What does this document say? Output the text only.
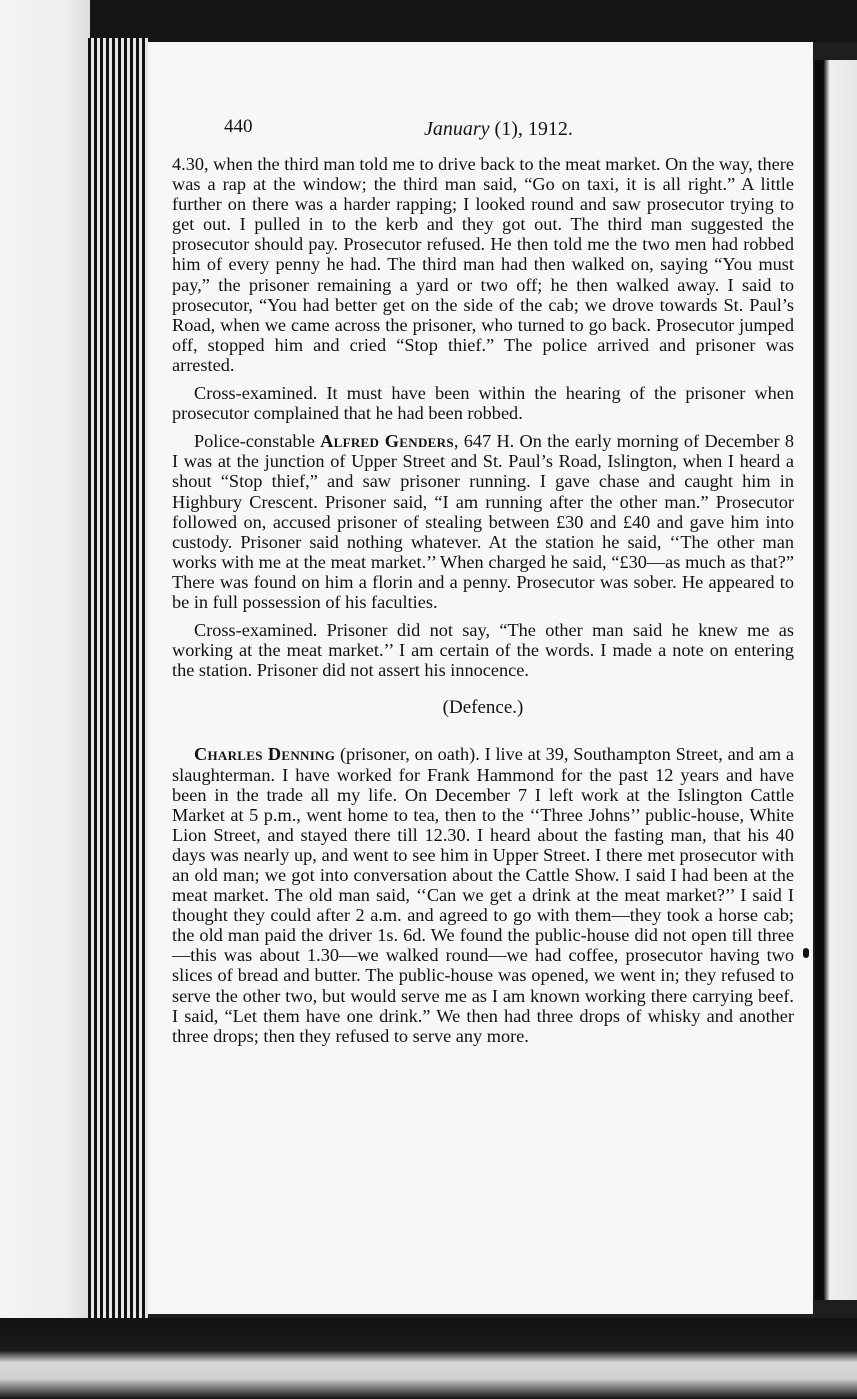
440	January (1), 1912.

4.30, when the third man told me to drive back to the meat market. On the way, there was a rap at the window; the third man said, “Go on taxi, it is all right.” A little further on there was a harder rapping; I looked round and saw prosecutor trying to get out. I pulled in to the kerb and they got out. The third man suggested the prosecutor should pay. Prosecutor refused. He then told me the two men had robbed him of every penny he had. The third man had then walked on, saying “You must pay,” the prisoner remaining a yard or two off; he then walked away. I said to prosecutor, “You had better get on the side of the cab; we drove towards St. Paul’s Road, when we came across the prisoner, who turned to go back. Prosecutor jumped off, stopped him and cried “Stop thief.” The police arrived and prisoner was arrested.

Cross-examined. It must have been within the hearing of the prisoner when prosecutor complained that he had been robbed.

Police-constable Alfred Genders, 647 H. On the early morning of December 8 I was at the junction of Upper Street and St. Paul’s Road, Islington, when I heard a shout “Stop thief,” and saw prisoner running. I gave chase and caught him in Highbury Crescent. Prisoner said, “I am running after the other man.” Prosecutor followed on, accused prisoner of stealing between £30 and £40 and gave him into custody. Prisoner said nothing whatever. At the station he said, ‘‘The other man works with me at the meat market.’’ When charged he said, “£30—as much as that?” There was found on him a florin and a penny. Prosecutor was sober. He appeared to be in full possession of his faculties.

Cross-examined. Prisoner did not say, “The other man said he knew me as working at the meat market.’’ I am certain of the words. I made a note on entering the station. Prisoner did not assert his innocence.

(Defence.)

Charles Denning (prisoner, on oath). I live at 39, Southampton Street, and am a slaughterman. I have worked for Frank Hammond for the past 12 years and have been in the trade all my life. On December 7 I left work at the Islington Cattle Market at 5 p.m., went home to tea, then to the ‘‘Three Johns’’ public-house, White Lion Street, and stayed there till 12.30. I heard about the fasting man, that his 40 days was nearly up, and went to see him in Upper Street. I there met prosecutor with an old man; we got into conversation about the Cattle Show. I said I had been at the meat market. The old man said, ‘‘Can we get a drink at the meat market?’’ I said I thought they could after 2 a.m. and agreed to go with them—they took a horse cab; the old man paid the driver 1s. 6d. We found the public-house did not open till three—this was about 1.30—we walked round—we had coffee, prosecutor having two slices of bread and butter. The public-house was opened, we went in; they refused to serve the other two, but would serve me as I am known working there carrying beef. I said, “Let them have one drink.” We then had three drops of whisky and another three drops; then they refused to serve any more.
